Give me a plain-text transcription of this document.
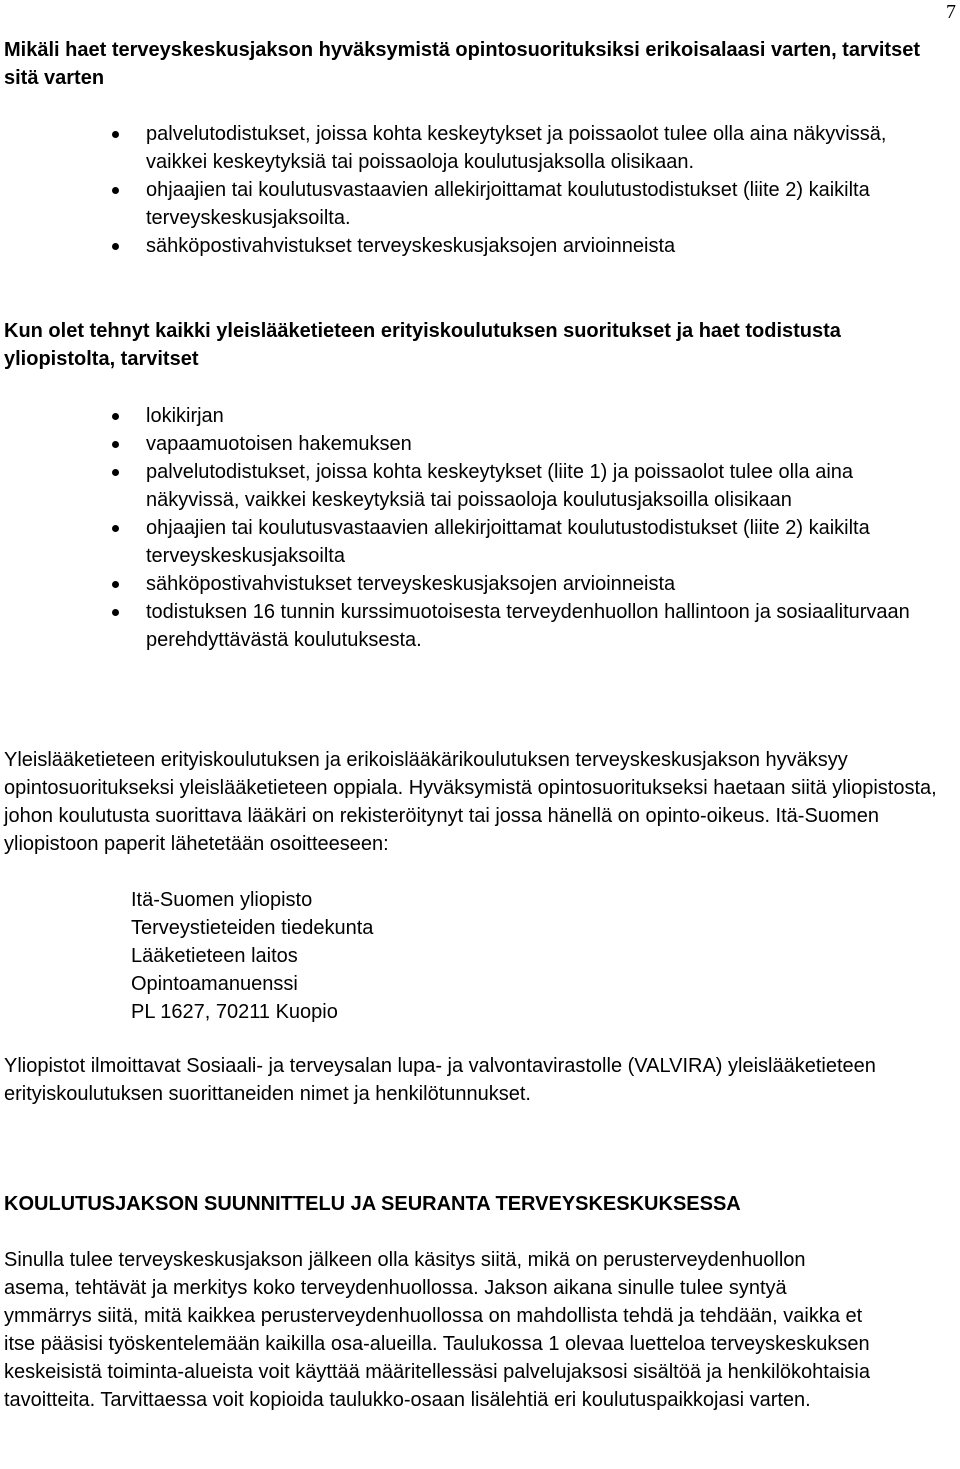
7
Mikäli haet terveyskeskusjakson hyväksymistä opintosuorituksiksi erikoisalaasi varten, tarvitset sitä varten
palvelutodistukset, joissa kohta keskeytykset ja poissaolot tulee olla aina näkyvissä, vaikkei keskeytyksiä tai poissaoloja koulutusjaksolla olisikaan.
ohjaajien tai koulutusvastaavien allekirjoittamat koulutustodistukset (liite 2) kaikilta terveyskeskusjaksoilta.
sähköpostivahvistukset terveyskeskusjaksojen arvioinneista
Kun olet tehnyt kaikki yleislääketieteen erityiskoulutuksen suoritukset ja haet todistusta yliopistolta, tarvitset
lokikirjan
vapaamuotoisen hakemuksen
palvelutodistukset, joissa kohta keskeytykset (liite 1) ja poissaolot tulee olla aina näkyvissä, vaikkei keskeytyksiä tai poissaoloja koulutusjaksoilla olisikaan
ohjaajien tai koulutusvastaavien allekirjoittamat koulutustodistukset (liite 2) kaikilta terveyskeskusjaksoilta
sähköpostivahvistukset terveyskeskusjaksojen arvioinneista
todistuksen 16 tunnin kurssimuotoisesta terveydenhuollon hallintoon ja sosiaaliturvaan perehdyttävästä koulutuksesta.
Yleislääketieteen erityiskoulutuksen ja erikoislääkärikoulutuksen terveyskeskusjakson hyväksyy opintosuoritukseksi yleislääketieteen oppiala. Hyväksymistä opintosuoritukseksi haetaan siitä yliopistosta, johon koulutusta suorittava lääkäri on rekisteröitynyt tai jossa hänellä on opinto-oikeus. Itä-Suomen yliopistoon paperit lähetetään osoitteeseen:
Itä-Suomen yliopisto
Terveystieteiden tiedekunta
Lääketieteen laitos
Opintoamanuenssi
PL 1627, 70211 Kuopio
Yliopistot ilmoittavat Sosiaali- ja terveysalan lupa- ja valvontavirastolle (VALVIRA) yleislääketieteen erityiskoulutuksen suorittaneiden nimet ja henkilötunnukset.
KOULUTUSJAKSON SUUNNITTELU JA SEURANTA TERVEYSKESKUKSESSA
Sinulla tulee terveyskeskusjakson jälkeen olla käsitys siitä, mikä on perusterveydenhuollon asema, tehtävät ja merkitys koko terveydenhuollossa. Jakson aikana sinulle tulee syntyä ymmärrys siitä, mitä kaikkea perusterveydenhuollossa on mahdollista tehdä ja tehdään, vaikka et itse pääsisi työskentelemään kaikilla osa-alueilla. Taulukossa 1 olevaa luetteloa terveyskeskuksen keskeisistä toiminta-alueista voit käyttää määritellessäsi palvelujaksosi sisältöä ja henkilökohtaisia tavoitteita. Tarvittaessa voit kopioida taulukko-osaan lisälehtiä eri koulutuspaikkojasi varten.
